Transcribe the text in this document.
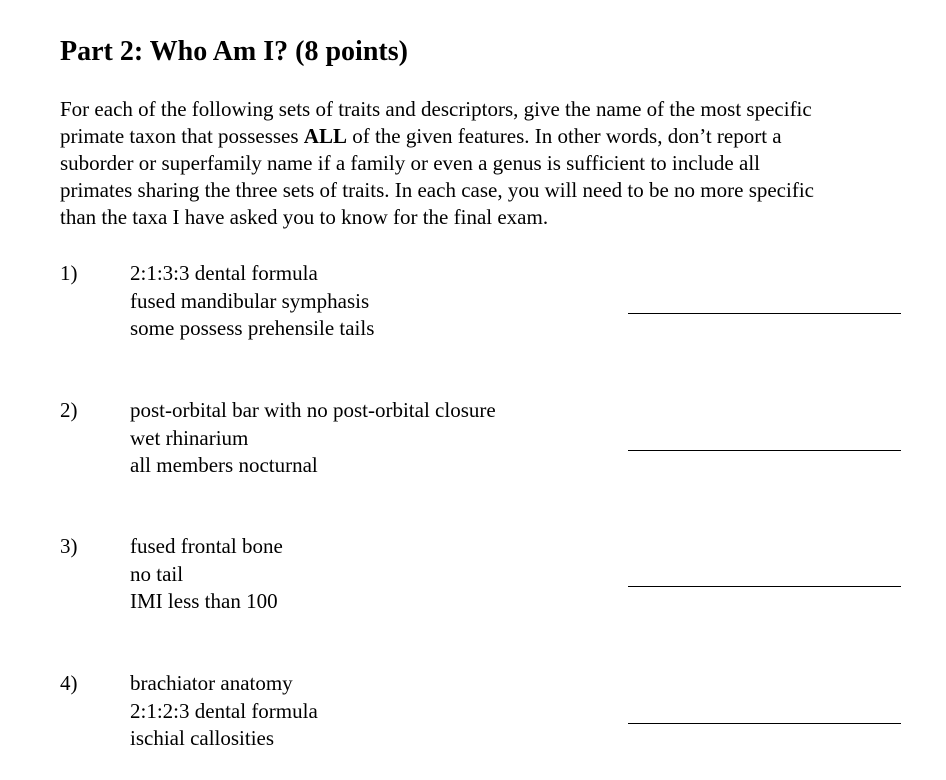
Part 2: Who Am I? (8 points)
For each of the following sets of traits and descriptors, give the name of the most specific
primate taxon that possesses ALL of the given features. In other words, don’t report a
suborder or superfamily name if a family or even a genus is sufficient to include all
primates sharing the three sets of traits. In each case, you will need to be no more specific
than the taxa I have asked you to know for the final exam.
1)	2:1:3:3 dental formula
fused mandibular symphasis
some possess prehensile tails
2)	post-orbital bar with no post-orbital closure
wet rhinarium
all members nocturnal
3)	fused frontal bone
no tail
IMI less than 100
4)	brachiator anatomy
2:1:2:3 dental formula
ischial callosities
